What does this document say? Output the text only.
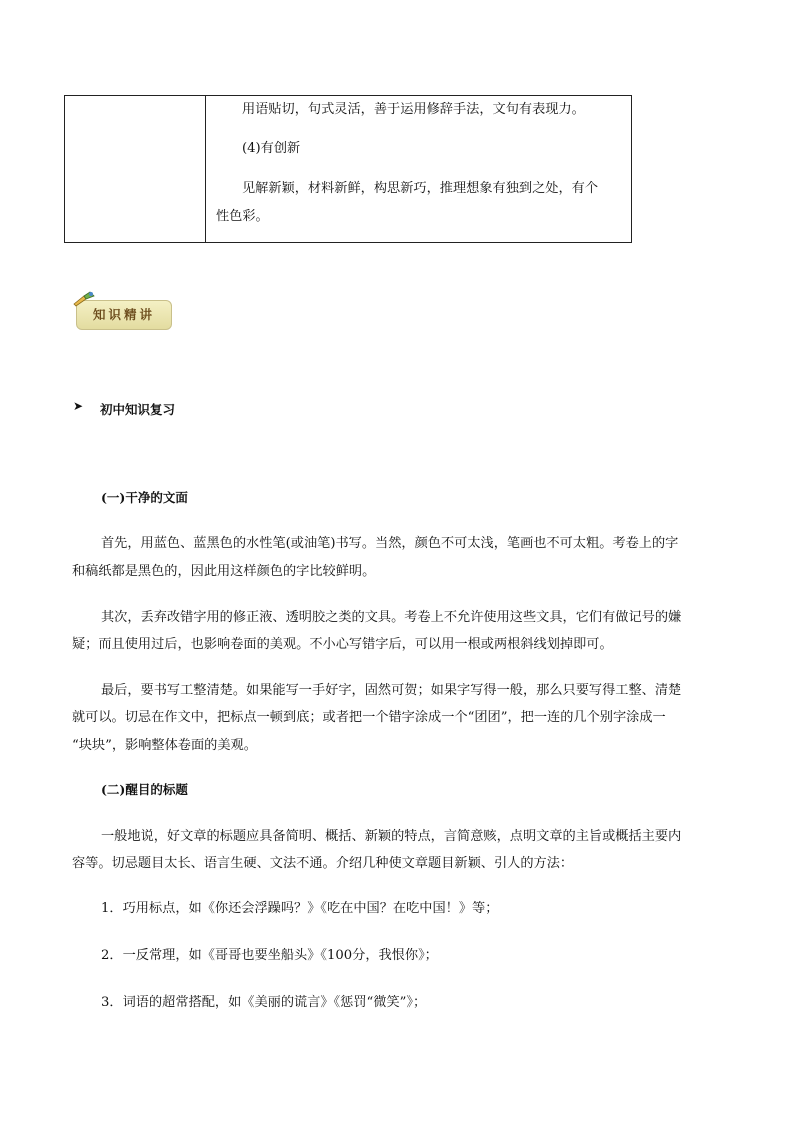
用语贴切，句式灵活，善于运用修辞手法，文句有表现力。
(4)有创新
见解新颖，材料新鲜，构思新巧，推理想象有独到之处，有个
性色彩。
知识精讲
➤ 初中知识复习
(一)干净的文面
首先，用蓝色、蓝黑色的水性笔(或油笔)书写。当然，颜色不可太浅，笔画也不可太粗。考卷上的字
和稿纸都是黑色的，因此用这样颜色的字比较鲜明。
其次，丢弃改错字用的修正液、透明胶之类的文具。考卷上不允许使用这些文具，它们有做记号的嫌
疑；而且使用过后，也影响卷面的美观。不小心写错字后，可以用一根或两根斜线划掉即可。
最后，要书写工整清楚。如果能写一手好字，固然可贺；如果字写得一般，那么只要写得工整、清楚
就可以。切忌在作文中，把标点一顿到底；或者把一个错字涂成一个“团团”，把一连的几个别字涂成一
“块块”，影响整体卷面的美观。
(二)醒目的标题
一般地说，好文章的标题应具备简明、概括、新颖的特点，言简意赅，点明文章的主旨或概括主要内
容等。切忌题目太长、语言生硬、文法不通。介绍几种使文章题目新颖、引人的方法：
1．巧用标点，如《你还会浮躁吗？》《吃在中国？在吃中国！》等；
2．一反常理，如《哥哥也要坐船头》《100分，我恨你》；
3．词语的超常搭配，如《美丽的谎言》《惩罚“微笑”》；
